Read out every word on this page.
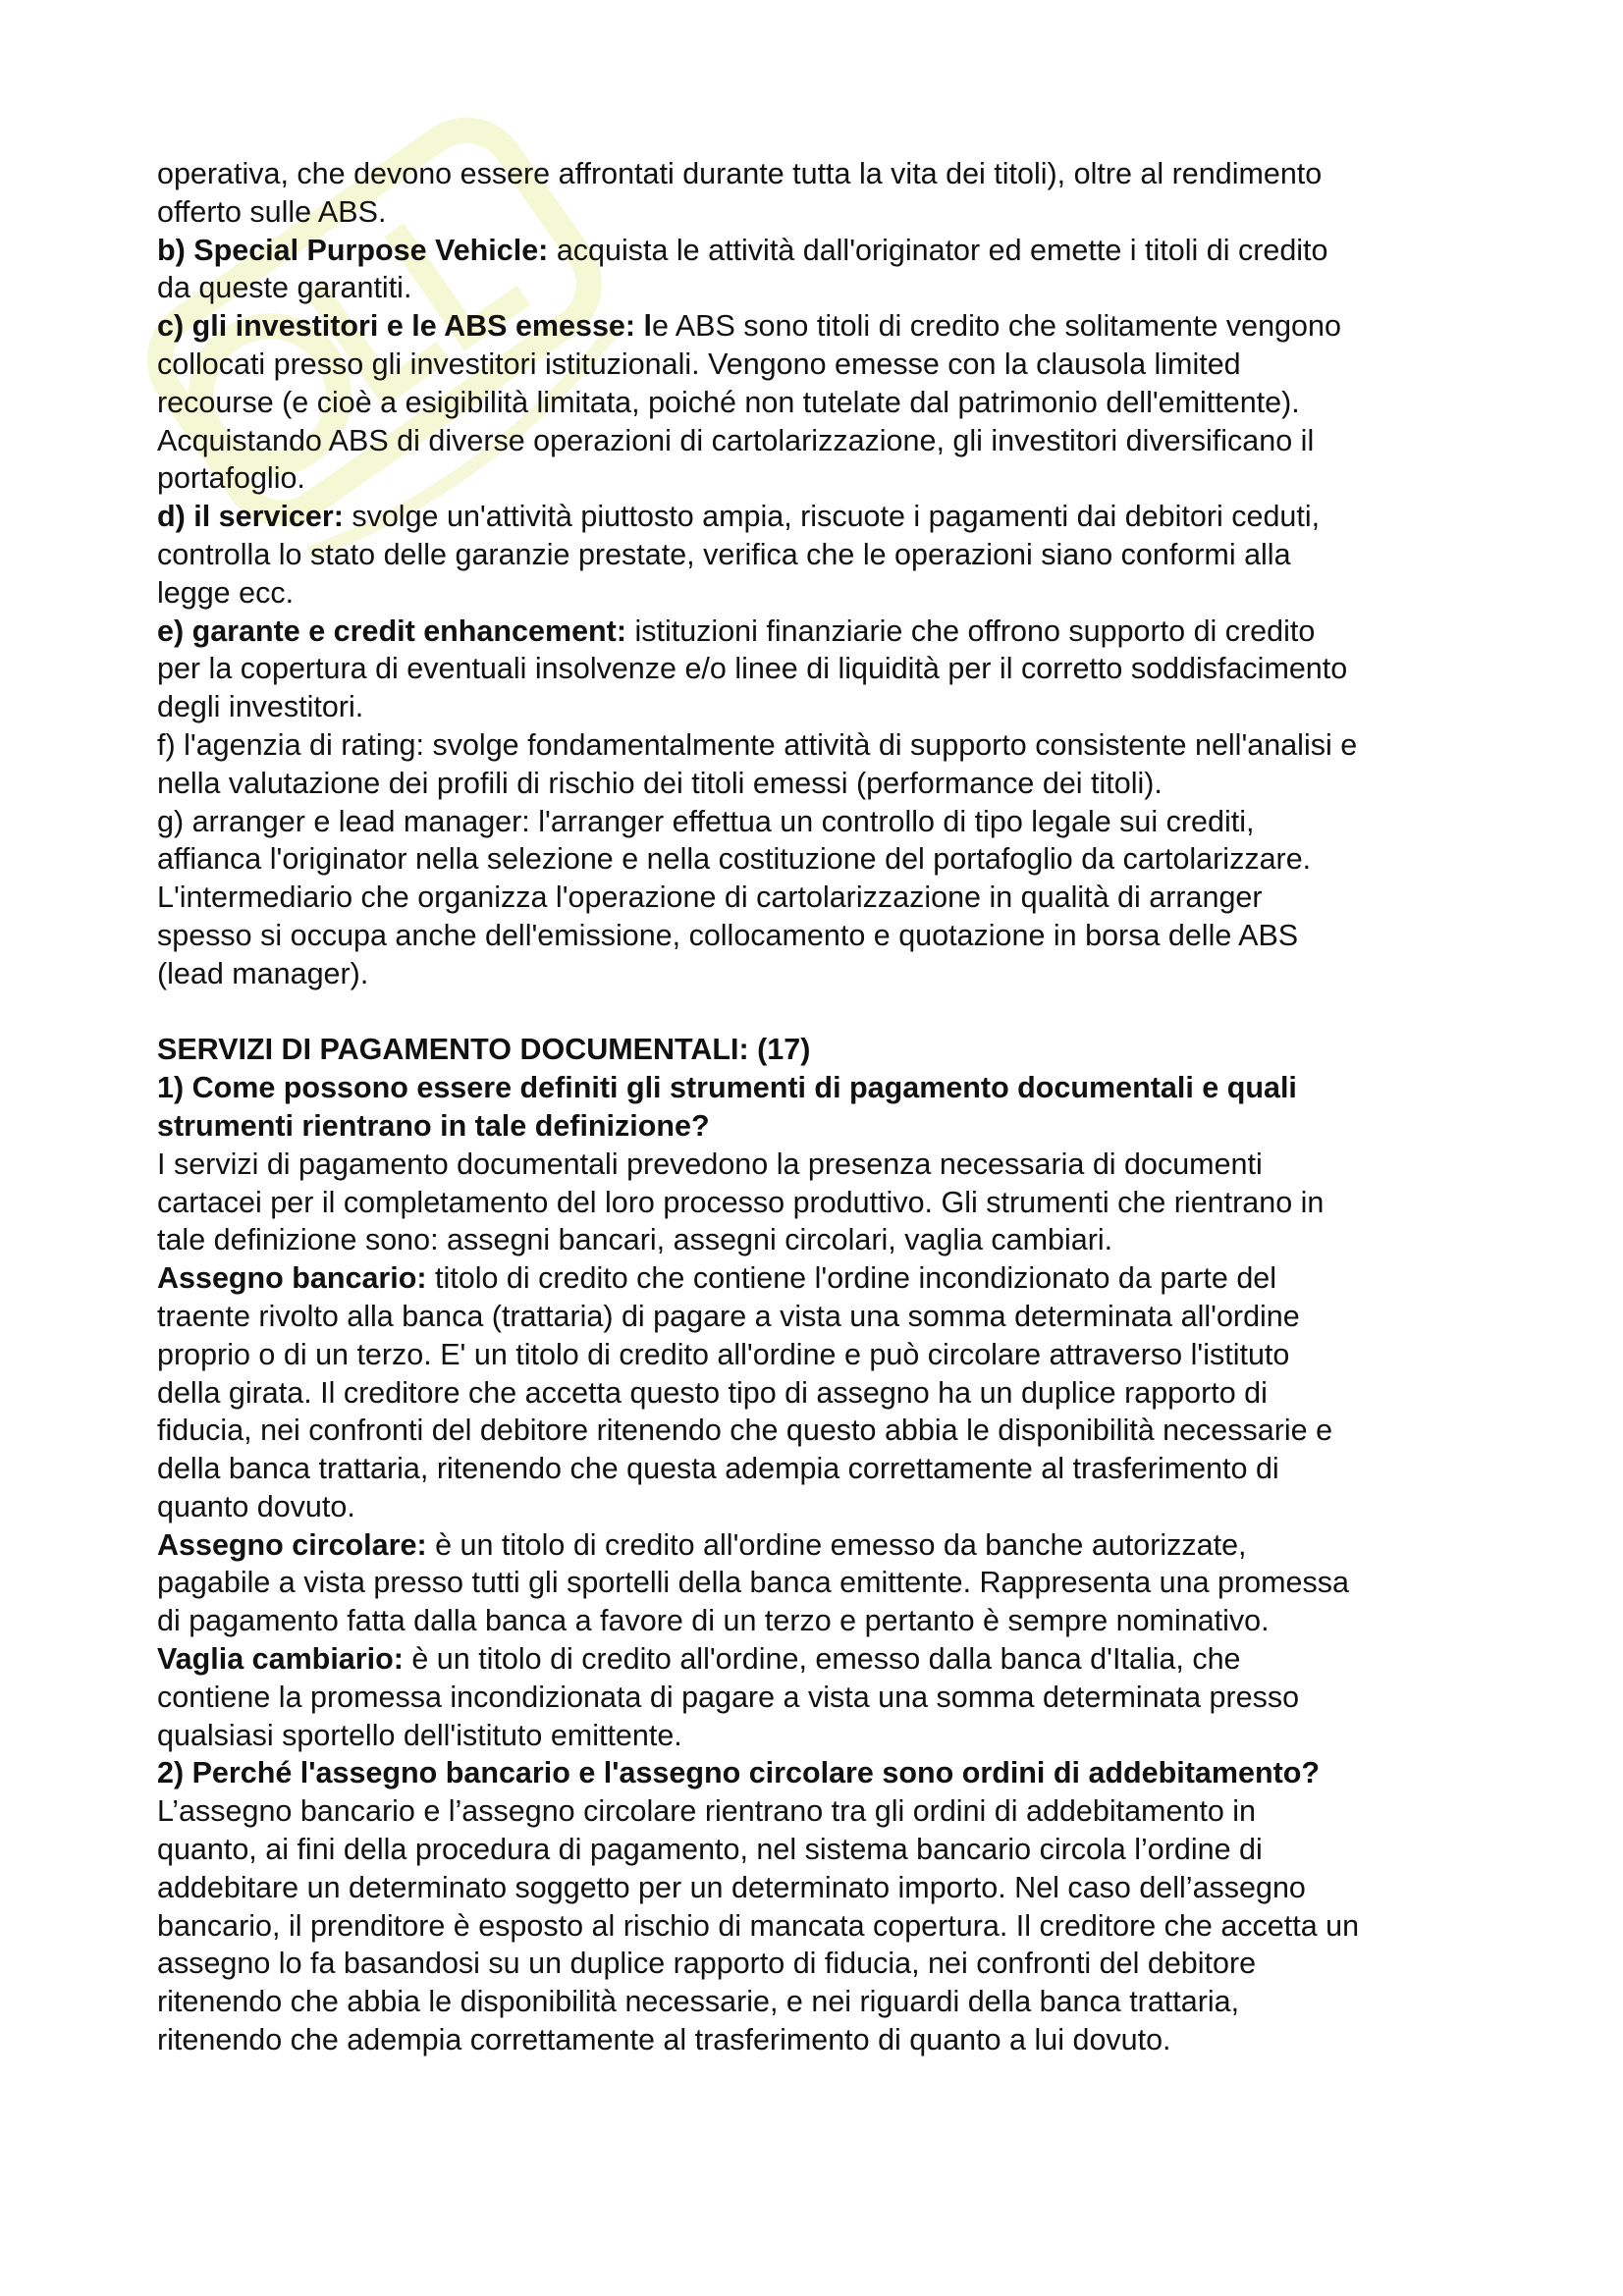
operativa, che devono essere affrontati durante tutta la vita dei titoli), oltre al rendimento
offerto sulle ABS.
b) Special Purpose Vehicle: acquista le attività dall'originator ed emette i titoli di credito
da queste garantiti.
c) gli investitori e le ABS emesse: le ABS sono titoli di credito che solitamente vengono
collocati presso gli investitori istituzionali. Vengono emesse con la clausola limited
recourse (e cioè a esigibilità limitata, poiché non tutelate dal patrimonio dell'emittente).
Acquistando ABS di diverse operazioni di cartolarizzazione, gli investitori diversificano il
portafoglio.
d) il servicer: svolge un'attività piuttosto ampia, riscuote i pagamenti dai debitori ceduti,
controlla lo stato delle garanzie prestate, verifica che le operazioni siano conformi alla
legge ecc.
e) garante e credit enhancement: istituzioni finanziarie che offrono supporto di credito
per la copertura di eventuali insolvenze e/o linee di liquidità per il corretto soddisfacimento
degli investitori.
f) l'agenzia di rating: svolge fondamentalmente attività di supporto consistente nell'analisi e
nella valutazione dei profili di rischio dei titoli emessi (performance dei titoli).
g) arranger e lead manager: l'arranger effettua un controllo di tipo legale sui crediti,
affianca l'originator nella selezione e nella costituzione del portafoglio da cartolarizzare.
L'intermediario che organizza l'operazione di cartolarizzazione in qualità di arranger
spesso si occupa anche dell'emissione, collocamento e quotazione in borsa delle ABS
(lead manager).
SERVIZI DI PAGAMENTO DOCUMENTALI: (17)
1) Come possono essere definiti gli strumenti di pagamento documentali e quali
strumenti rientrano in tale definizione?
I servizi di pagamento documentali prevedono la presenza necessaria di documenti
cartacei per il completamento del loro processo produttivo. Gli strumenti che rientrano in
tale definizione sono: assegni bancari, assegni circolari, vaglia cambiari.
Assegno bancario: titolo di credito che contiene l'ordine incondizionato da parte del
traente rivolto alla banca (trattaria) di pagare a vista una somma determinata all'ordine
proprio o di un terzo. E' un titolo di credito all'ordine e può circolare attraverso l'istituto
della girata. Il creditore che accetta questo tipo di assegno ha un duplice rapporto di
fiducia, nei confronti del debitore ritenendo che questo abbia le disponibilità necessarie e
della banca trattaria, ritenendo che questa adempia correttamente al trasferimento di
quanto dovuto.
Assegno circolare: è un titolo di credito all'ordine emesso da banche autorizzate,
pagabile a vista presso tutti gli sportelli della banca emittente. Rappresenta una promessa
di pagamento fatta dalla banca a favore di un terzo e pertanto è sempre nominativo.
Vaglia cambiario: è un titolo di credito all'ordine, emesso dalla banca d'Italia, che
contiene la promessa incondizionata di pagare a vista una somma determinata presso
qualsiasi sportello dell'istituto emittente.
2) Perché l'assegno bancario e l'assegno circolare sono ordini di addebitamento?
L’assegno bancario e l’assegno circolare rientrano tra gli ordini di addebitamento in
quanto, ai fini della procedura di pagamento, nel sistema bancario circola l’ordine di
addebitare un determinato soggetto per un determinato importo. Nel caso dell’assegno
bancario, il prenditore è esposto al rischio di mancata copertura. Il creditore che accetta un
assegno lo fa basandosi su un duplice rapporto di fiducia, nei confronti del debitore
ritenendo che abbia le disponibilità necessarie, e nei riguardi della banca trattaria,
ritenendo che adempia correttamente al trasferimento di quanto a lui dovuto.
